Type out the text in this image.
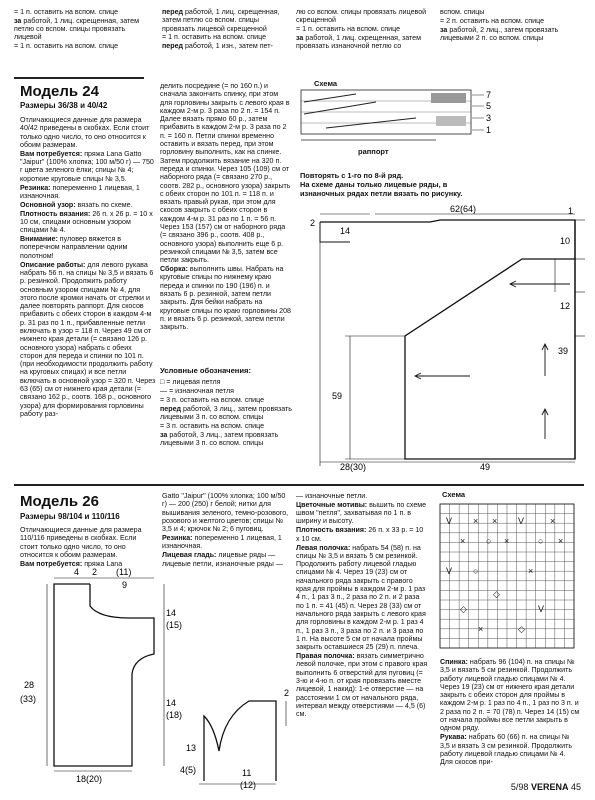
= 1 п. оставить на вспом. спице

за работой, 1 лиц. скрещенная, затем петлю со вспом. спицы провязать лицевой

= 1 п. оставить на вспом. спице

перед работой, 1 лиц. скрещенная, затем петлю со вспом. спицы провязать лицевой скрещенной

= 1 п. оставить на вспом. спице

перед работой, 1 изн., затем пет-

лю со вспом. спицы провязать лицевой скрещенной

= 1 п. оставить на вспом. спице

за работой, 1 лиц. скрещенная, затем провязать изнаночной петлю со

вспом. спицы

= 2 п. оставить на вспом. спице

за работой, 2 лиц., затем провязать лицевыми 2 п. со вспом. спицы

Модель 24
Размеры 36/38 и 40/42

Отличающиеся данные для размера 40/42 приведены в скобках. Если стоит только одно число, то оно относится к обоим размерам.

Вам потребуется: пряжа Lana Gatto "Jaipur" (100% хлопка; 100 м/50 г) — 750 г цвета зеленого ёлки; спицы № 4; короткие круговые спицы № 3,5.

Резинка: попеременно 1 лицевая, 1 изнаночная.

Основной узор: вязать по схеме.

Плотность вязания: 26 п. х 26 р. = 10 х 10 см, спицами основным узором спицами № 4.

Внимание: пуловер вяжется в поперечном направлении одним полотном!

Описание работы: для левого рукава набрать 56 п. на спицы № 3,5 и вязать 6 р. резинкой. Продолжить работу основным узором спицами № 4, для этого после кромки начать от стрелки и далее повторять раппорт. Для скосов прибавить с обеих сторон в каждом 4-м р. 31 раз по 1 п., прибавленные петли включать в узор = 118 п. Через 49 см от нижнего края детали (= связано 126 р. основного узора) набрать с обеих сторон для переда и спинки по 101 п. (при необходимости продолжить работу на круговых спицах) и все петли включать в основной узор = 320 п. Через 63 (65) см от нижнего края детали (= связано 162 р., соотв. 168 р., основного узора) для формирования горловины работу раз-

делить посредине (= по 160 п.) и сначала закончить спинку, при этом для горловины закрыть с левого края в каждом 2-м р. 3 раза по 2 п. = 154 п. Далее вязать прямо 60 р., затем прибавить в каждом 2-м р. 3 раза по 2 п. = 160 п. Петли спинки временно оставить и вязать перед, при этом горловину выполнить, как на спинке. Затем продолжить вязание на 320 п. переда и спинки. Через 105 (109) см от наборного ряда (= связано 270 р., соотв. 282 р., основного узора) закрыть с обеих сторон по 101 п. = 118 п. и вязать правый рукав, при этом для скосов закрыть с обеих сторон в каждом 4-м р. 31 раз по 1 п. = 56 п. Через 153 (157) см от наборного ряда (= связано 396 р., соотв. 408 р., основного узора) выполнить еще 6 р. резинкой спицами № 3,5, затем все петли закрыть.

Сборка: выполнить швы. Набрать на круговые спицы по нижнему краю переда и спинки по 190 (196) п. и вязать 6 р. резинкой, затем петли закрыть. Для бейки набрать на круговые спицы по краю горловины 208 п. и вязать 6 р. резинкой, затем петли закрыть.

Условные обозначения:

□ = лицевая петля

— = изнаночная петля

= 3 п. оставить на вспом. спице

перед работой, 3 лиц., затем провязать лицевыми 3 п. со вспом. спицы

= 3 п. оставить на вспом. спице

за работой, 3 лиц., затем провязать лицевыми 3 п. со вспом. спицы

Схема
7
5
3
1
раппорт
Повторять с 1-го по 8-й ряд.
На схеме даны только лицевые ряды, в изнаночных рядах петли вязать по рисунку.
14
62(64)
10
12
59
39
28(30)	49
1
2
Модель 26
Размеры 98/104 и 110/116

Отличающиеся данные для размера 110/116 приведены в скобках. Если стоит только одно число, то оно относится к обоим размерам.

Вам потребуется: пряжа Lana

Gatto "Jaipur" (100% хлопка; 100 м/50 г) — 200 (250) г белой; нитки для вышивания зеленого, темно-розового, розового и желтого цветов; спицы № 3,5 и 4; крючок № 2; 6 пуговиц.

Резинка: попеременно 1 лицевая, 1 изнаночная.

Лицевая гладь: лицевые ряды — лицевые петли, изнаночные ряды —

— изнаночные петли.

Цветочные мотивы: вышить по схеме швом "петля", захватывая по 1 п. в ширину и высоту.

Плотность вязания: 26 п. х 33 р. = 10 х 10 см.

Левая полочка: набрать 54 (58) п. на спицы № 3,5 и вязать 5 см резинкой. Продолжить работу лицевой гладью спицами № 4. Через 19 (23) см от начального ряда закрыть с правого края для проймы в каждом 2-м р. 1 раз 4 п., 1 раз 3 п., 2 раза по 2 п. и 2 раза по 1 п. = 41 (45) п. Через 28 (33) см от начального ряда закрыть с левого края для горловины в каждом 2-м р. 1 раз 4 п., 1 раз 3 п., 3 раза по 2 п. и 3 раза по 1 п. На высоте 5 см от начала проймы закрыть оставшиеся 25 (29) п. плеча.

Правая полочка: вязать симметрично левой полочке, при этом с правого края выполнить 6 отверстий для пуговиц (= 3-ю и 4-ю п. от края провязать вместе лицевой, 1 накид): 1-е отверстие — на расстоянии 1 см от начального ряда, интервал между отверстиями — 4,5 (6) см.

Спинка: набрать 96 (104) п. на спицы № 3,5 и вязать 5 см резинкой. Продолжить работу лицевой гладью спицами № 4. Через 19 (23) см от нижнего края детали закрыть с обеих сторон для проймы в каждом 2-м р. 1 раз по 4 п., 1 раз по 3 п. и 2 раза по 2 п. = 70 (78) п. Через 14 (15) см от начала проймы все петли закрыть в одном ряду.

Рукава: набрать 60 (66) п. на спицы № 3,5 и вязать 3 см резинкой. Продолжить работу лицевой гладью спицами № 4. Для скосов при-

Схема
V × × V	×
× ○ ×	○ ×
V ○	×
◇
◇	V
×	◇
4 2 (11)
9
14
(15)
28
(33)	14
(18)
18(20)
13
4(5)
2
11
(12)	5/98 VERENA 45
